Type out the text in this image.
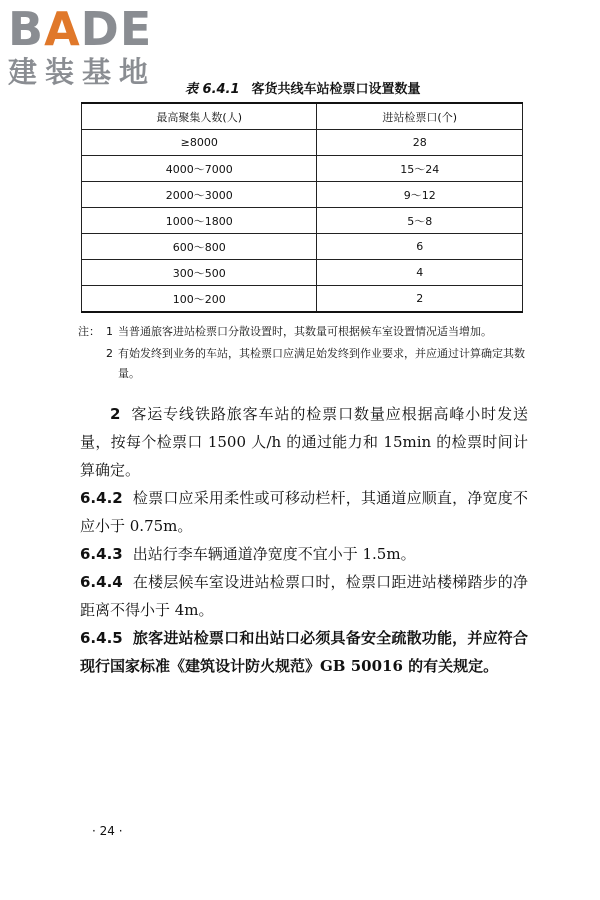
BADE
建装基地
表 6.4.1 客货共线车站检票口设置数量
最高聚集人数(人)	进站检票口(个)
≥8000	28
4000～7000	15～24
2000～3000	9～12
1000～1800	5～8
600～800	6
300～500	4
100～200	2
注： 1 当普通旅客进站检票口分散设置时，其数量可根据候车室设置情况适当增加。
2 有始发终到业务的车站，其检票口应满足始发终到作业要求，并应通过计算确定其数量。

2 客运专线铁路旅客车站的检票口数量应根据高峰小时发送量，按每个检票口 1500 人/h 的通过能力和 15min 的检票时间计算确定。

6.4.2 检票口应采用柔性或可移动栏杆，其通道应顺直，净宽度不应小于 0.75m。

6.4.3 出站行李车辆通道净宽度不宜小于 1.5m。

6.4.4 在楼层候车室设进站检票口时，检票口距进站楼梯踏步的净距离不得小于 4m。

6.4.5 旅客进站检票口和出站口必须具备安全疏散功能，并应符合现行国家标准《建筑设计防火规范》GB 50016 的有关规定。

· 24 ·
